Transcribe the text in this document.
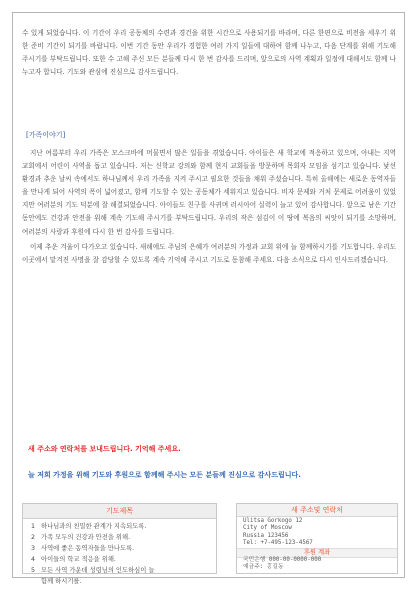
수 있게 되었습니다. 이 기간이 우리 공동체의 수련과 경건을 위한 시간으로 사용되기를 바라며, 다른 한편으로 비전을 세우기 위한 준비 기간이 되기를 바랍니다. 이번 기간 동안 우리가 경험한 여러 가지 일들에 대하여 함께 나누고, 다음 단계를 위해 기도해 주시기를 부탁드립니다. 또한 수 고해 주신 모든 분들께 다시 한 번 감사를 드리며, 앞으로의 사역 계획과 일정에 대해서도 함께 나누고자 합니다. 기도와 관심에 진심으로 감사드립니다.

[가족이야기]

지난 여름부터 우리 가족은 모스크바에 머물면서 많은 일들을 겪었습니다. 아이들은 새 학교에 적응하고 있으며, 아내는 지역 교회에서 어린이 사역을 돕고 있습니다. 저는 신학교 강의와 함께 현지 교회들을 방문하며 목회자 모임을 섬기고 있습니다. 낯선 환경과 추운 날씨 속에서도 하나님께서 우리 가족을 지켜 주시고 필요한 것들을 채워 주셨습니다. 특히 올해에는 새로운 동역자들을 만나게 되어 사역의 폭이 넓어졌고, 함께 기도할 수 있는 공동체가 세워지고 있습니다. 비자 문제와 거처 문제로 어려움이 있었지만 여러분의 기도 덕분에 잘 해결되었습니다. 아이들도 친구를 사귀며 러시아어 실력이 늘고 있어 감사합니다. 앞으로 남은 기간 동안에도 건강과 안전을 위해 계속 기도해 주시기를 부탁드립니다. 우리의 작은 섬김이 이 땅에 복음의 씨앗이 되기를 소망하며, 여러분의 사랑과 후원에 다시 한 번 감사를 드립니다.

이제 추운 겨울이 다가오고 있습니다. 새해에도 주님의 은혜가 여러분의 가정과 교회 위에 늘 함께하시기를 기도합니다. 우리도 이곳에서 맡겨진 사명을 잘 감당할 수 있도록 계속 기억해 주시고 기도로 동참해 주세요. 다음 소식으로 다시 인사드리겠습니다.

새 주소와 연락처를 보내드립니다. 기억해 주세요.
늘 저희 가정을 위해 기도와 후원으로 함께해 주시는 모든 분들께 진심으로 감사드립니다.
기도제목
1 하나님과의 친밀한 관계가 지속되도록.
2 가족 모두의 건강과 안전을 위해.
3 사역에 좋은 동역자들을 만나도록.
4 아이들의 학교 적응을 위해.
5 모든 사역 가운데 성령님의 인도하심이 늘
함께 하시기를.
새 주소및 연락처
Ulitsa Gorkogo 12
City of Moscow
Russia 123456
Tel: +7-495-123-4567
후원 계좌
국민은행 000-00-0000-000
예금주: 홍길동
